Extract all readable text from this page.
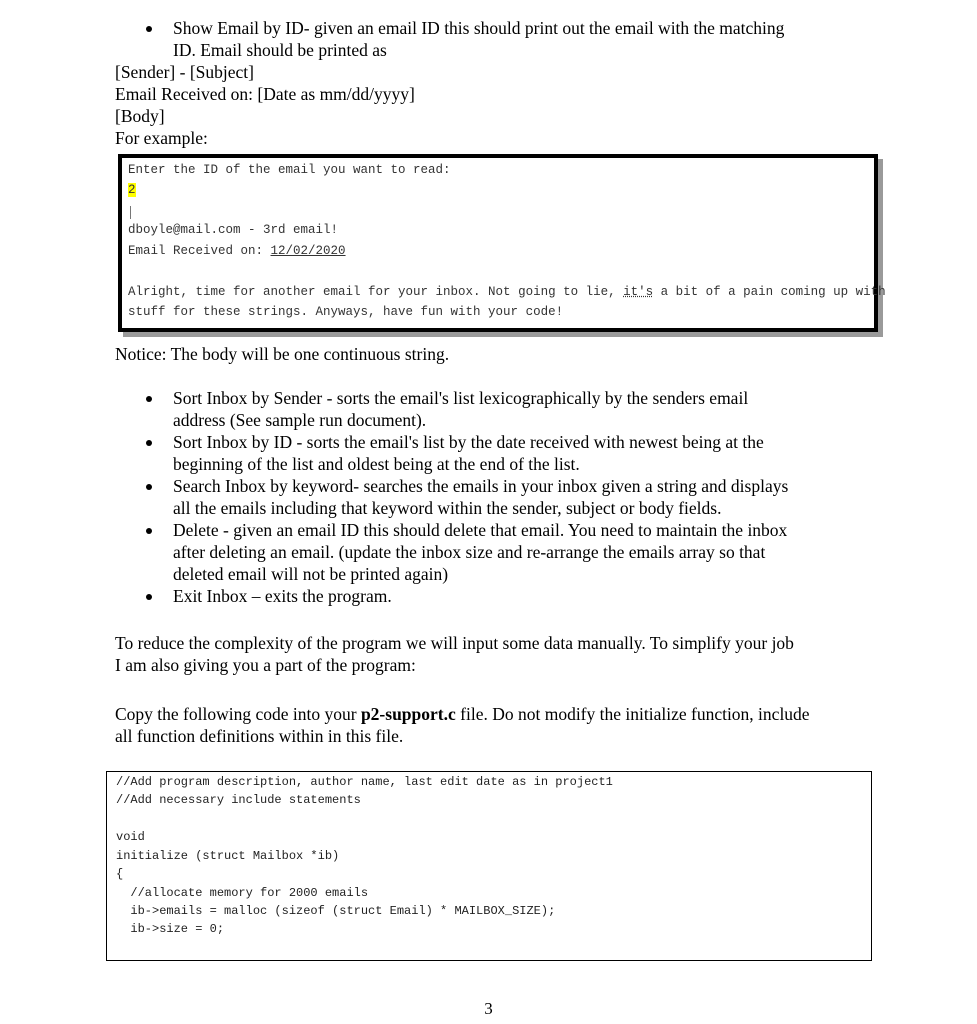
Show Email by ID- given an email ID this should print out the email with the matching
ID. Email should be printed as
[Sender] - [Subject]
Email Received on: [Date as mm/dd/yyyy]
[Body]
For example:
Enter the ID of the email you want to read:
2
dboyle@mail.com - 3rd email!
Email Received on: 12/02/2020
Alright, time for another email for your inbox. Not going to lie, it's a bit of a pain coming up with
stuff for these strings. Anyways, have fun with your code!
Notice: The body will be one continuous string.
Sort Inbox by Sender - sorts the email's list lexicographically by the senders email
address (See sample run document).
Sort Inbox by ID - sorts the email's list by the date received with newest being at the
beginning of the list and oldest being at the end of the list.
Search Inbox by keyword- searches the emails in your inbox given a string and displays
all the emails including that keyword within the sender, subject or body fields.
Delete - given an email ID this should delete that email. You need to maintain the inbox
after deleting an email. (update the inbox size and re-arrange the emails array so that
deleted email will not be printed again)
Exit Inbox – exits the program.
To reduce the complexity of the program we will input some data manually. To simplify your job
I am also giving you a part of the program:
Copy the following code into your p2-support.c file. Do not modify the initialize function, include
all function definitions within in this file.
//Add program description, author name, last edit date as in project1
//Add necessary include statements
void
initialize (struct Mailbox *ib)
{
//allocate memory for 2000 emails
ib->emails = malloc (sizeof (struct Email) * MAILBOX_SIZE);
ib->size = 0;
3
